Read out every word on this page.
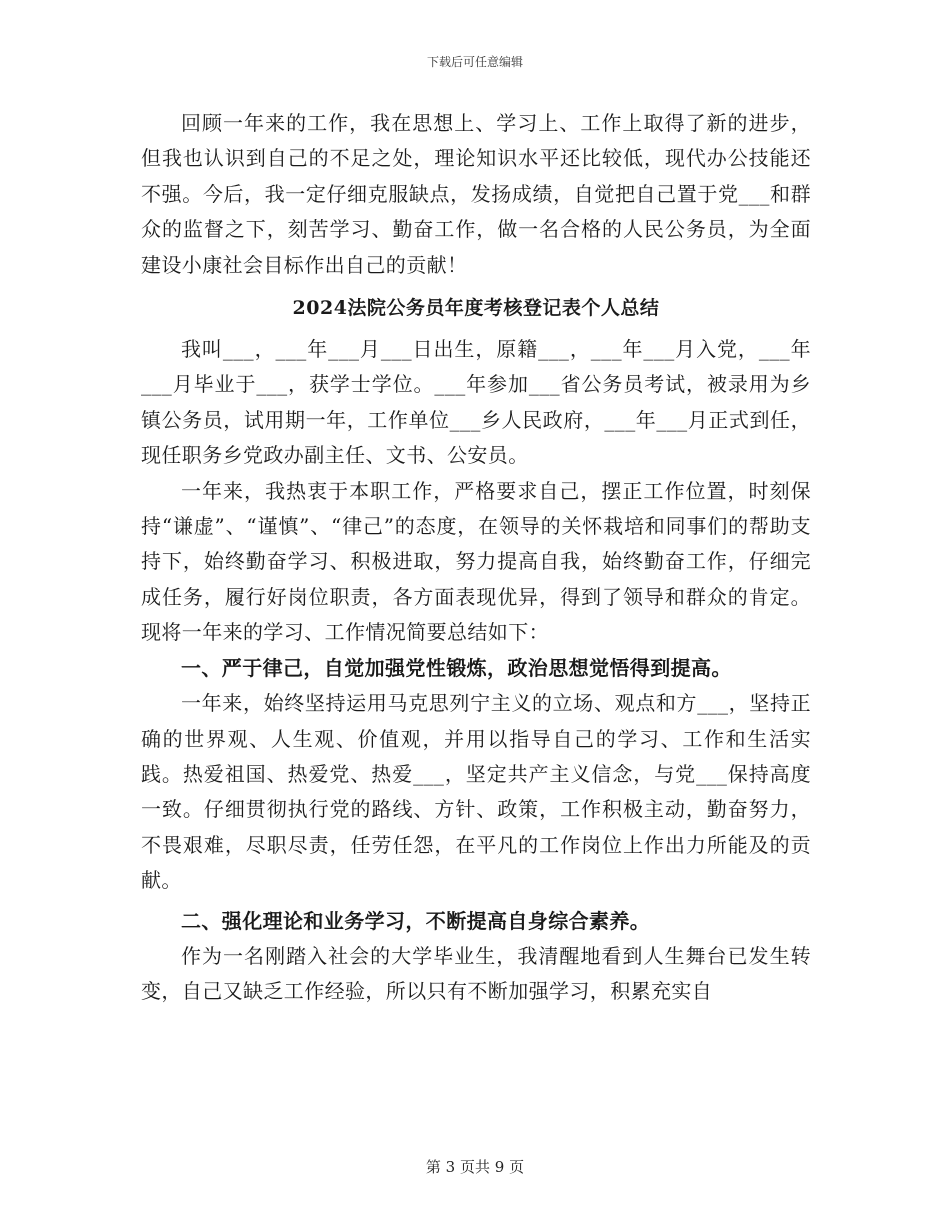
下载后可任意编辑

回顾一年来的工作，我在思想上、学习上、工作上取得了新的进步，但我也认识到自己的不足之处，理论知识水平还比较低，现代办公技能还不强。今后，我一定仔细克服缺点，发扬成绩，自觉把自己置于党___和群众的监督之下，刻苦学习、勤奋工作，做一名合格的人民公务员，为全面建设小康社会目标作出自己的贡献！

2024法院公务员年度考核登记表个人总结

我叫___，___年___月___日出生，原籍___，___年___月入党，___年___月毕业于___，获学士学位。___年参加___省公务员考试，被录用为乡镇公务员，试用期一年，工作单位___乡人民政府，___年___月正式到任，现任职务乡党政办副主任、文书、公安员。

一年来，我热衷于本职工作，严格要求自己，摆正工作位置，时刻保持“谦虚”、“谨慎”、“律己”的态度，在领导的关怀栽培和同事们的帮助支持下，始终勤奋学习、积极进取，努力提高自我，始终勤奋工作，仔细完成任务，履行好岗位职责，各方面表现优异，得到了领导和群众的肯定。现将一年来的学习、工作情况简要总结如下：

一、严于律己，自觉加强党性锻炼，政治思想觉悟得到提高。

一年来，始终坚持运用马克思列宁主义的立场、观点和方___，坚持正确的世界观、人生观、价值观，并用以指导自己的学习、工作和生活实践。热爱祖国、热爱党、热爱___，坚定共产主义信念，与党___保持高度一致。仔细贯彻执行党的路线、方针、政策，工作积极主动，勤奋努力，不畏艰难，尽职尽责，任劳任怨，在平凡的工作岗位上作出力所能及的贡献。

二、强化理论和业务学习，不断提高自身综合素养。

作为一名刚踏入社会的大学毕业生，我清醒地看到人生舞台已发生转变，自己又缺乏工作经验，所以只有不断加强学习，积累充实自

第 3 页共 9 页
